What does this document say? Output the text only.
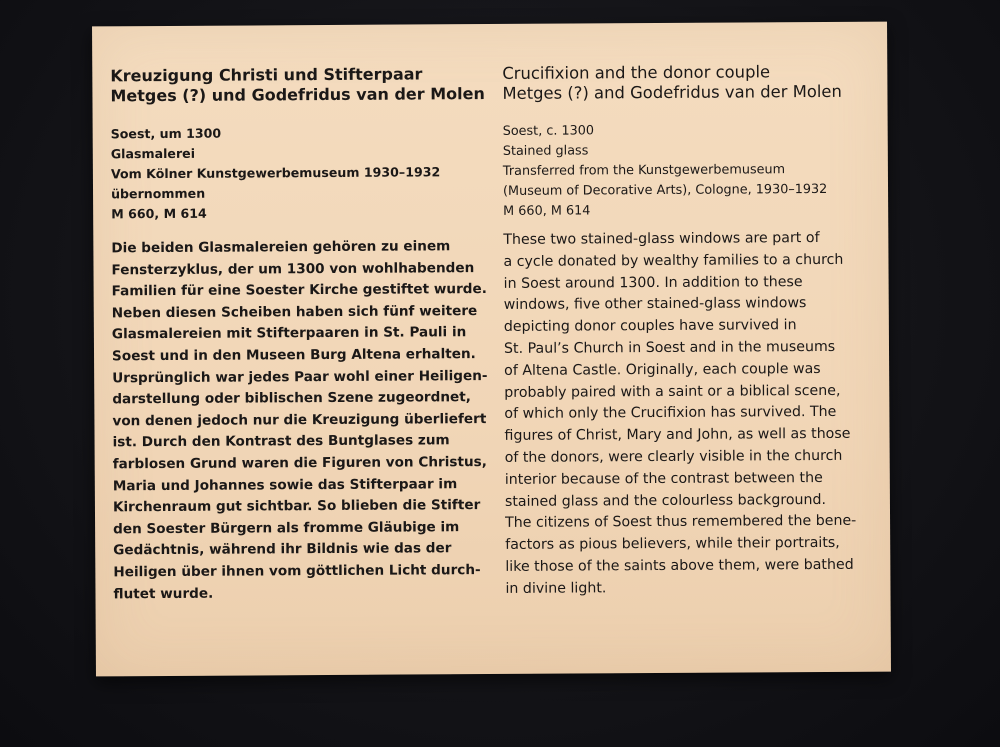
Kreuzigung Christi und Stifterpaar
Metges (?) und Godefridus van der Molen
Soest, um 1300
Glasmalerei
Vom Kölner Kunstgewerbemuseum 1930–1932
übernommen
M 660, M 614
Die beiden Glasmalereien gehören zu einem
Fensterzyklus, der um 1300 von wohlhabenden
Familien für eine Soester Kirche gestiftet wurde.
Neben diesen Scheiben haben sich fünf weitere
Glasmalereien mit Stifterpaaren in St. Pauli in
Soest und in den Museen Burg Altena erhalten.
Ursprünglich war jedes Paar wohl einer Heiligen-
darstellung oder biblischen Szene zugeordnet,
von denen jedoch nur die Kreuzigung überliefert
ist. Durch den Kontrast des Buntglases zum
farblosen Grund waren die Figuren von Christus,
Maria und Johannes sowie das Stifterpaar im
Kirchenraum gut sichtbar. So blieben die Stifter
den Soester Bürgern als fromme Gläubige im
Gedächtnis, während ihr Bildnis wie das der
Heiligen über ihnen vom göttlichen Licht durch-
flutet wurde.
Crucifixion and the donor couple
Metges (?) and Godefridus van der Molen
Soest, c. 1300
Stained glass
Transferred from the Kunstgewerbemuseum
(Museum of Decorative Arts), Cologne, 1930–1932
M 660, M 614
These two stained-glass windows are part of
a cycle donated by wealthy families to a church
in Soest around 1300. In addition to these
windows, five other stained-glass windows
depicting donor couples have survived in
St. Paul’s Church in Soest and in the museums
of Altena Castle. Originally, each couple was
probably paired with a saint or a biblical scene,
of which only the Crucifixion has survived. The
figures of Christ, Mary and John, as well as those
of the donors, were clearly visible in the church
interior because of the contrast between the
stained glass and the colourless background.
The citizens of Soest thus remembered the bene-
factors as pious believers, while their portraits,
like those of the saints above them, were bathed
in divine light.
